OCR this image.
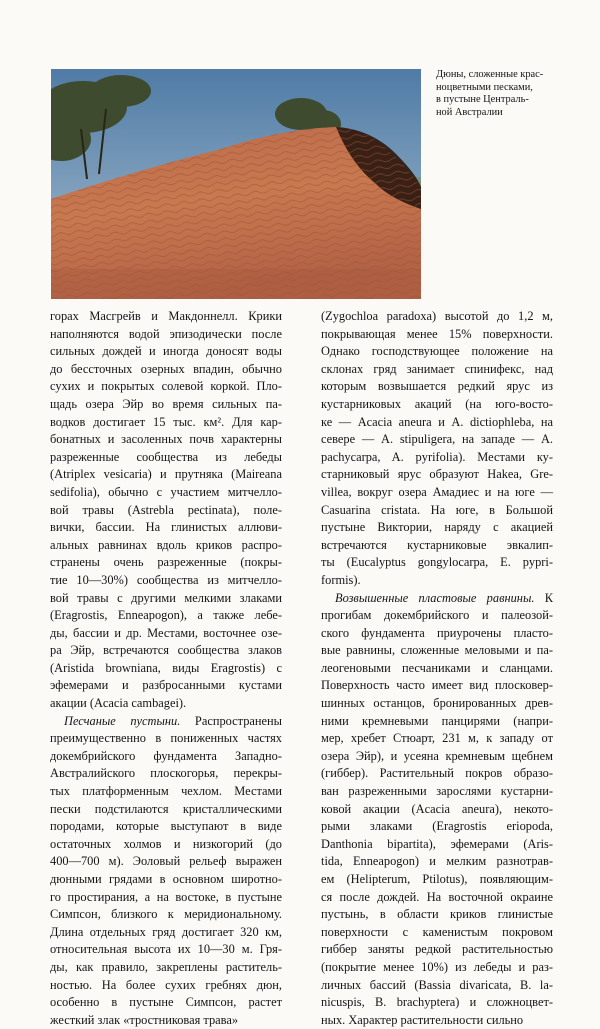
Дюны, сложенные крас-
ноцветными песками,
в пустыне Централь-
ной Австралии
горах Масгрейв и Макдоннелл. Крики
наполняются водой эпизодически после
сильных дождей и иногда доносят воды
до бессточных озерных впадин, обычно
сухих и покрытых солевой коркой. Пло-
щадь озера Эйр во время сильных па-
водков достигает 15 тыс. км². Для кар-
бонатных и засоленных почв характерны
разреженные сообщества из лебеды
(Atriplex vesicaria) и прутняка (Maireana
sedifolia), обычно с участием митчелло-
вой травы (Astrebla pectinata), поле-
вички, бассии. На глинистых аллюви-
альных равнинах вдоль криков распро-
странены очень разреженные (покры-
тие 10—30%) сообщества из митчелло-
вой травы с другими мелкими злаками
(Eragrostis, Enneapogon), а также лебе-
ды, бассии и др. Местами, восточнее озе-
ра Эйр, встречаются сообщества злаков
(Aristida browniana, виды Eragrostis) с
эфемерами и разбросанными кустами
акации (Acacia cambagei).
Песчаные пустыни. Распространены
преимущественно в пониженных частях
докембрийского фундамента Западно-
Австралийского плоскогорья, перекры-
тых платформенным чехлом. Местами
пески подстилаются кристаллическими
породами, которые выступают в виде
остаточных холмов и низкогорий (до
400—700 м). Эоловый рельеф выражен
дюнными грядами в основном широтно-
го простирания, а на востоке, в пустыне
Симпсон, близкого к меридиональному.
Длина отдельных гряд достигает 320 км,
относительная высота их 10—30 м. Гря-
ды, как правило, закреплены раститель-
ностью. На более сухих гребнях дюн,
особенно в пустыне Симпсон, растет
жесткий злак «тростниковая трава»
(Zygochloa paradoxa) высотой до 1,2 м,
покрывающая менее 15% поверхности.
Однако господствующее положение на
склонах гряд занимает спинифекс, над
которым возвышается редкий ярус из
кустарниковых акаций (на юго-восто-
ке — Acacia aneura и A. dictiophleba, на
севере — A. stipuligera, на западе — A.
pachycarpa, A. pyrifolia). Местами ку-
старниковый ярус образуют Hakea, Gre-
villea, вокруг озера Амадиес и на юге —
Casuarina cristata. На юге, в Большой
пустыне Виктории, наряду с акацией
встречаются кустарниковые эвкалип-
ты (Eucalyptus gongylocarpa, E. pypri-
formis).
Возвышенные пластовые равнины. К
прогибам докембрийского и палеозой-
ского фундамента приурочены пласто-
вые равнины, сложенные меловыми и па-
леогеновыми песчаниками и сланцами.
Поверхность часто имеет вид плосковер-
шинных останцов, бронированных древ-
ними кремневыми панцирями (напри-
мер, хребет Стюарт, 231 м, к западу от
озера Эйр), и усеяна кремневым щебнем
(гиббер). Растительный покров образо-
ван разреженными зарослями кустарни-
ковой акации (Acacia aneura), некото-
рыми злаками (Eragrostis eriopoda,
Danthonia bipartita), эфемерами (Aris-
tida, Enneapogon) и мелким разнотрав-
ем (Helipterum, Ptilotus), появляющим-
ся после дождей. На восточной окраине
пустынь, в области криков глинистые
поверхности с каменистым покровом
гиббер заняты редкой растительностью
(покрытие менее 10%) из лебеды и раз-
личных бассий (Bassia divaricata, B. la-
nicuspis, B. brachyptera) и сложноцвет-
ных. Характер растительности сильно
